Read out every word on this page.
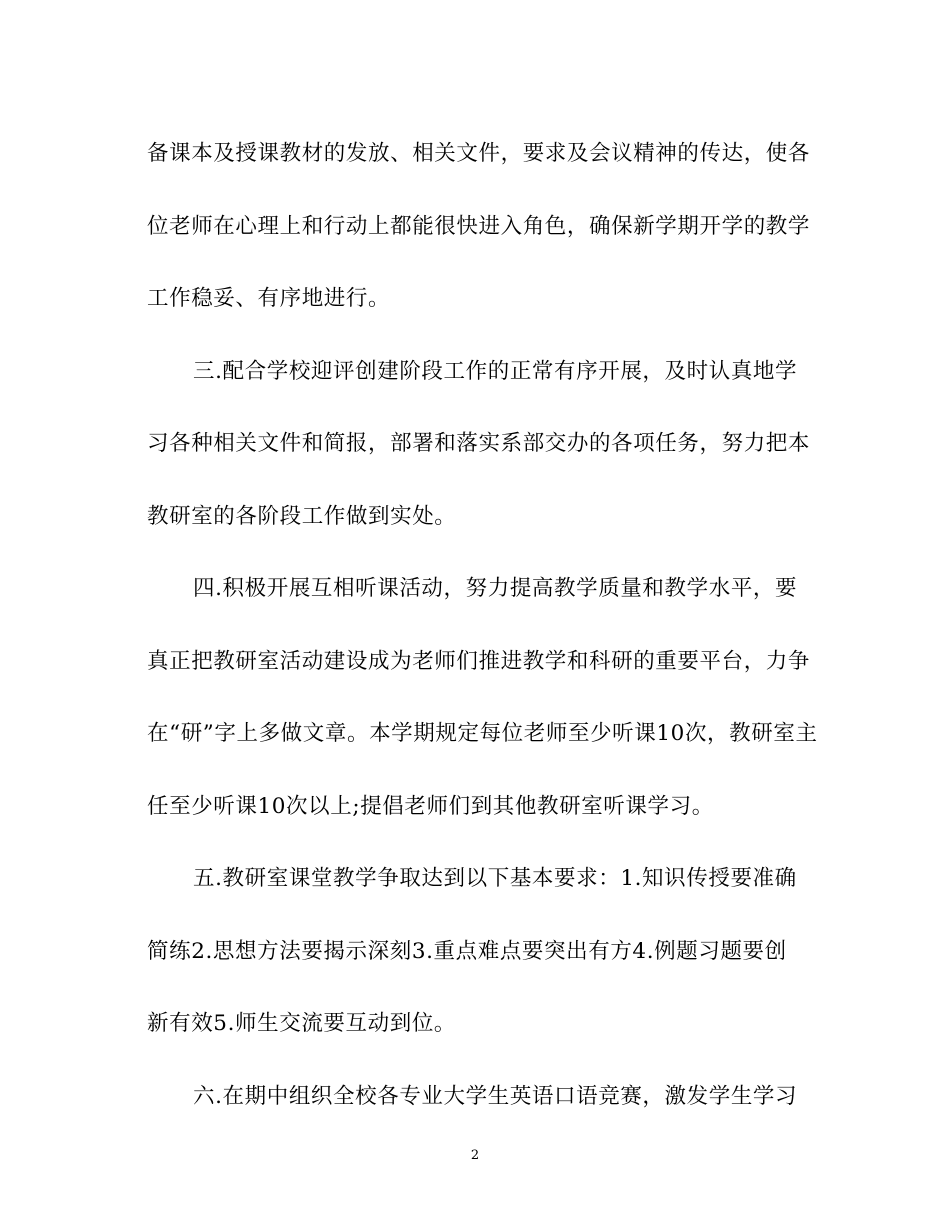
备课本及授课教材的发放、相关文件，要求及会议精神的传达，使各
位老师在心理上和行动上都能很快进入角色，确保新学期开学的教学
工作稳妥、有序地进行。

三.配合学校迎评创建阶段工作的正常有序开展，及时认真地学
习各种相关文件和简报，部署和落实系部交办的各项任务，努力把本
教研室的各阶段工作做到实处。

四.积极开展互相听课活动，努力提高教学质量和教学水平，要
真正把教研室活动建设成为老师们推进教学和科研的重要平台，力争
在“研”字上多做文章。本学期规定每位老师至少听课10次，教研室主
任至少听课10次以上;提倡老师们到其他教研室听课学习。

五.教研室课堂教学争取达到以下基本要求：1.知识传授要准确
简练2.思想方法要揭示深刻3.重点难点要突出有方4.例题习题要创
新有效5.师生交流要互动到位。

六.在期中组织全校各专业大学生英语口语竞赛，激发学生学习

2
